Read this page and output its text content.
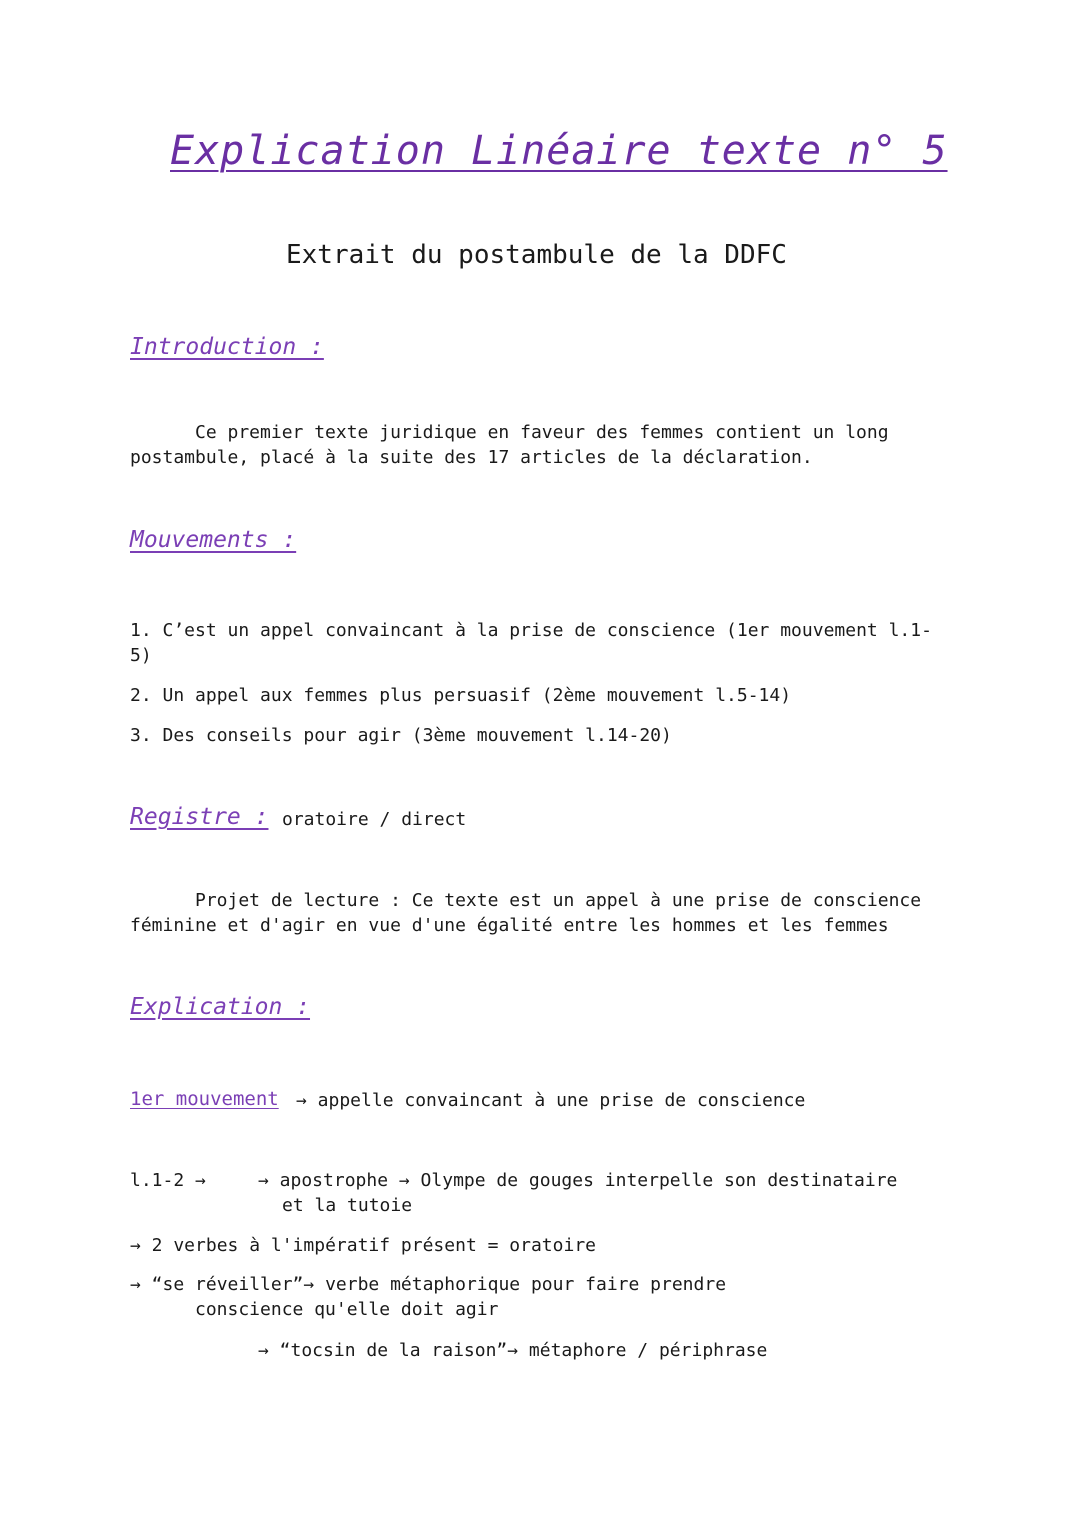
Explication Linéaire texte n° 5
Extrait du postambule de la DDFC
Introduction :
Ce premier texte juridique en faveur des femmes contient un long
postambule, placé à la suite des 17 articles de la déclaration.
Mouvements :
1. C’est un appel convaincant à la prise de conscience (1er mouvement l.1-
5)
2. Un appel aux femmes plus persuasif (2ème mouvement l.5-14)
3. Des conseils pour agir (3ème mouvement l.14-20)
Registre : oratoire / direct
Projet de lecture : Ce texte est un appel à une prise de conscience
féminine et d'agir en vue d'une égalité entre les hommes et les femmes
Explication :
1er mouvement → appelle convaincant à une prise de conscience
l.1-2 →	→ apostrophe → Olympe de gouges interpelle son destinataire
et la tutoie
→ 2 verbes à l'impératif présent = oratoire
→ “se réveiller”→ verbe métaphorique pour faire prendre
conscience qu'elle doit agir
→ “tocsin de la raison”→ métaphore / périphrase
